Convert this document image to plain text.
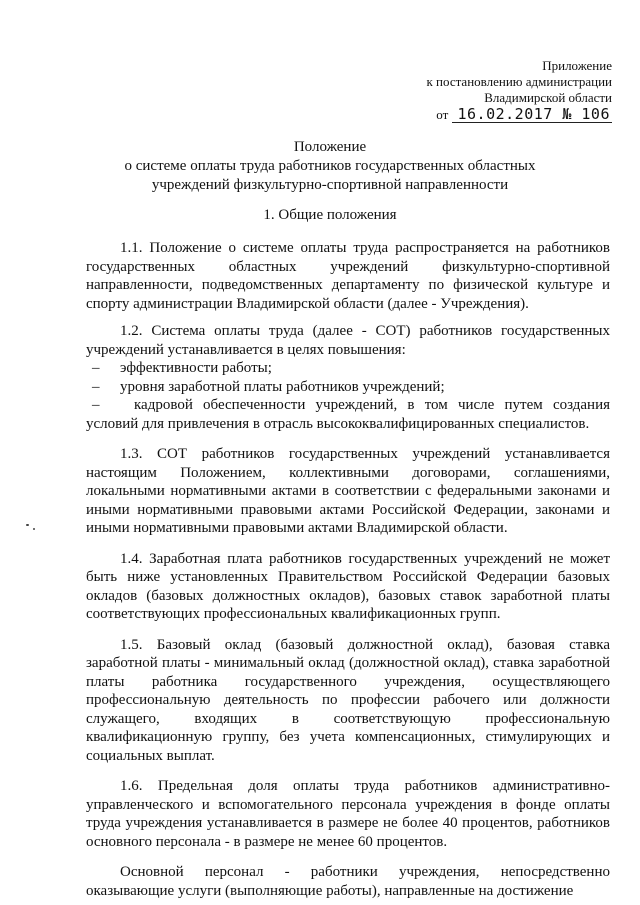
Приложение
к постановлению администрации
Владимирской области
от 16.02.2017 № 106
Положение
о системе оплаты труда работников государственных областных
учреждений физкультурно-спортивной направленности
1. Общие положения

1.1. Положение о системе оплаты труда распространяется на работников государственных областных учреждений физкультурно-спортивной направленности, подведомственных департаменту по физической культуре и спорту администрации Владимирской области (далее - Учреждения).

1.2. Система оплаты труда (далее - СОТ) работников государственных учреждений устанавливается в целях повышения:

–	эффективности работы;
–	уровня заработной платы работников учреждений;

– кадровой обеспеченности учреждений, в том числе путем создания условий для привлечения в отрасль высококвалифицированных специалистов.

1.3. СОТ работников государственных учреждений устанавливается настоящим Положением, коллективными договорами, соглашениями, локальными нормативными актами в соответствии с федеральными законами и иными нормативными правовыми актами Российской Федерации, законами и иными нормативными правовыми актами Владимирской области.

1.4. Заработная плата работников государственных учреждений не может быть ниже установленных Правительством Российской Федерации базовых окладов (базовых должностных окладов), базовых ставок заработной платы соответствующих профессиональных квалификационных групп.

1.5. Базовый оклад (базовый должностной оклад), базовая ставка заработной платы - минимальный оклад (должностной оклад), ставка заработной платы работника государственного учреждения, осуществляющего профессиональную деятельность по профессии рабочего или должности служащего, входящих в соответствующую профессиональную квалификационную группу, без учета компенсационных, стимулирующих и социальных выплат.

1.6. Предельная доля оплаты труда работников административно-управленческого и вспомогательного персонала учреждения в фонде оплаты труда учреждения устанавливается в размере не более 40 процентов, работников основного персонала - в размере не менее 60 процентов.

Основной персонал - работники учреждения, непосредственно оказывающие услуги (выполняющие работы), направленные на достижение
